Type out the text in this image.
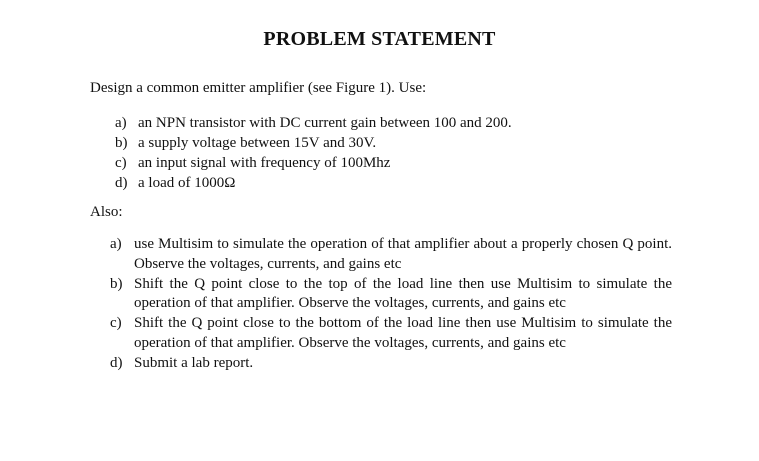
PROBLEM STATEMENT
Design a common emitter amplifier (see Figure 1). Use:
a) an NPN transistor with DC current gain between 100 and 200.
b) a supply voltage between 15V and 30V.
c) an input signal with frequency of 100Mhz
d) a load of 1000Ω
Also:
a) use Multisim to simulate the operation of that amplifier about a properly chosen Q point. Observe the voltages, currents, and gains etc
b) Shift the Q point close to the top of the load line then use Multisim to simulate the operation of that amplifier. Observe the voltages, currents, and gains etc
c) Shift the Q point close to the bottom of the load line then use Multisim to simulate the operation of that amplifier. Observe the voltages, currents, and gains etc
d) Submit a lab report.
